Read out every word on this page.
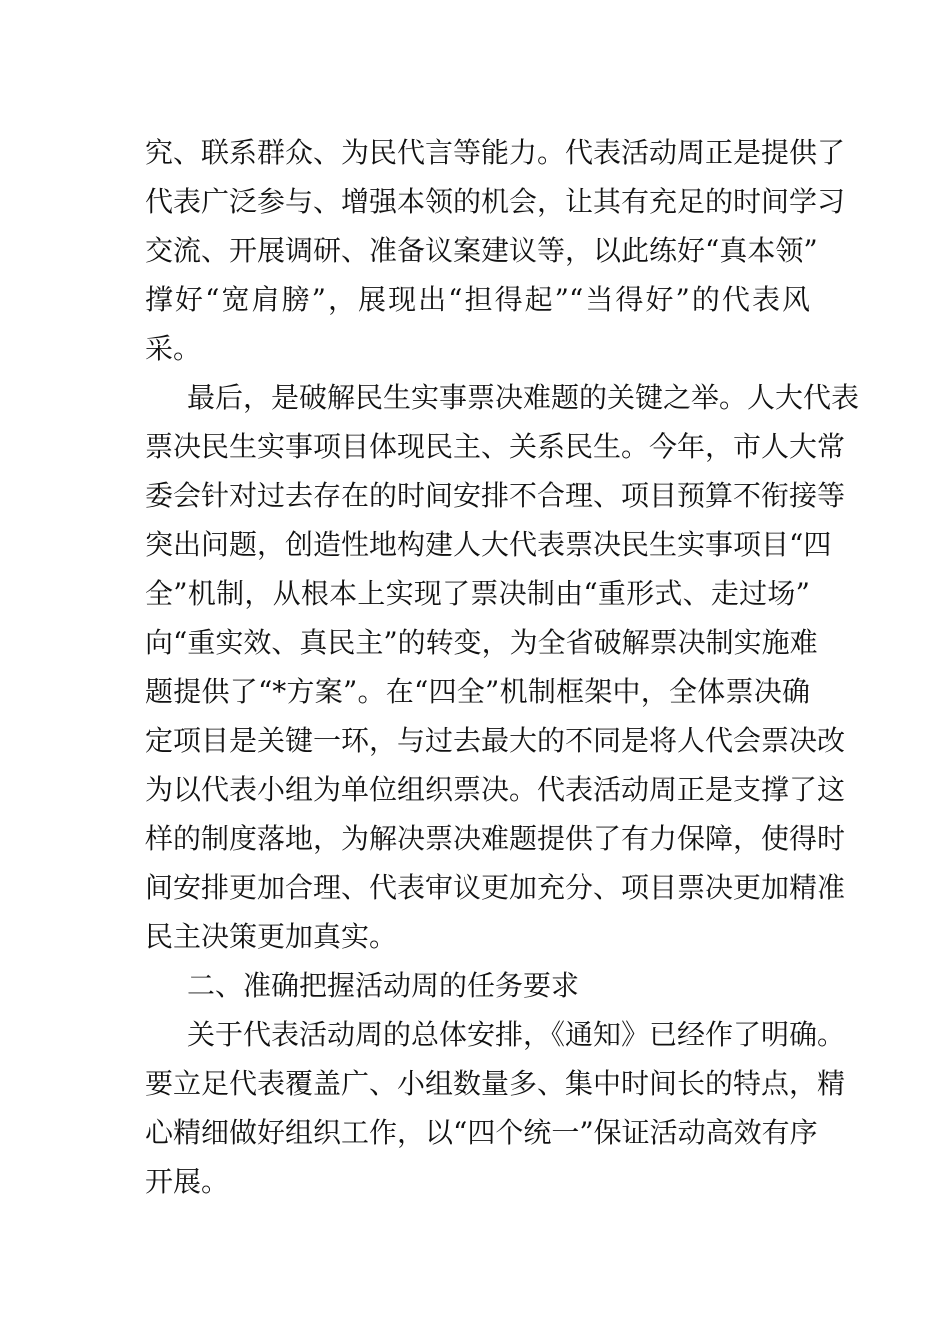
究、联系群众、为民代言等能力。代表活动周正是提供了
代表广泛参与、增强本领的机会，让其有充足的时间学习
交流、开展调研、准备议案建议等，以此练好“真本领”
撑好“宽肩膀”，展现出“担得起”“当得好”的代表风
采。
最后，是破解民生实事票决难题的关键之举。人大代表
票决民生实事项目体现民主、关系民生。今年，市人大常
委会针对过去存在的时间安排不合理、项目预算不衔接等
突出问题，创造性地构建人大代表票决民生实事项目“四
全”机制，从根本上实现了票决制由“重形式、走过场”
向“重实效、真民主”的转变，为全省破解票决制实施难
题提供了“*方案”。在“四全”机制框架中，全体票决确
定项目是关键一环，与过去最大的不同是将人代会票决改
为以代表小组为单位组织票决。代表活动周正是支撑了这
样的制度落地，为解决票决难题提供了有力保障，使得时
间安排更加合理、代表审议更加充分、项目票决更加精准
民主决策更加真实。
二、准确把握活动周的任务要求
关于代表活动周的总体安排，《通知》已经作了明确。
要立足代表覆盖广、小组数量多、集中时间长的特点，精
心精细做好组织工作，以“四个统一”保证活动高效有序
开展。
